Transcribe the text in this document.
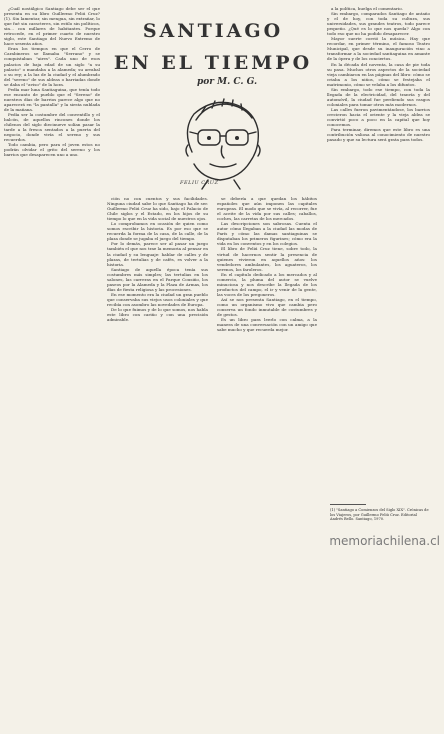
¿Cuál nostálgico Santiago debe ser el que presenta en su libro Guillermo Feliú Cruz? (1). Sin lamentar, sin mengua, sin extrañar, lo que fué sin caracteres, sin estilo sin políticos, sin... con millares de habitantes. Porque retrocede, en el primer cuarto de nuestro siglo, este Santiago del Nuevo Extremo de hace sesenta años.

Eran los tiempos en que el Cerro de Carabineros se llamaba "Serrano" y se conquistaban "aires". Cada uno de esos palacios de baja edad de un siglo "a su palacio" o mandaba a la alameda; su arrabal o su rey; a la luz de la ciudad y el alumbrado del "sereno" de sus aldeas o barriadas donde se daba el "aviso" de la hora.

Pedía mar luna Santiaguina, que tenía todo ese encanto de pueblo que el "Sereno" de nuestros días de barrios parece algo que no aparecerá en "la pantalla" y la siesta nublada de la mañana.

Pedía ser la costumbre del conventillo y el balcón, de aquellos rincones donde los chilenos del siglo diecinueve solían pasar la tarde a la fresca sentados a la puerta del negocio, donde vivía el sereno y sus recuerdos.

Todo cambia, pero para el joven estos no podrán olvidar el grito del sereno y los barrios que desaparecen uno a uno.

SANTIAGO
EN EL TIEMPO
por M. C. G.
FELIU CRUZ

ción no con cuentos y sus facilidades. Ninguna ciudad sabe lo que Santiago ha de ser. Guillermo Feliú Cruz ha sido, bajo el Palacio de Chile siglos y el Estado, en los hijos de su tiempo lo que en la vida social de nuestros ojos.

Lo comprobamos en ocasión de quien como somos escribir la historia. Es por eso que se recuerda la forma de la casa, de la calle, de la plaza donde se jugaba el juego del tiempo.

Por lo demás, parece ser al pasar un juego también el que nos trae la memoria al pensar en la ciudad y su lenguaje: hablar de calles y de plazas, de tertulias y de cafés, es volver a la historia.

Santiago de aquella época tenía sus costumbres más simples; las tertulias en los salones, las carreras en el Parque Cousiño, los paseos por la Alameda y la Plaza de Armas, los días de fiesta religiosa y las procesiones.

En ese momento era la ciudad un gran pueblo que conservaba sus viejos usos coloniales y que recibía con asombro las novedades de Europa.

De lo que fuimos y de lo que somos, nos habla este libro con cariño y con una precisión admirable.

se debería a que quedan los hábitos españoles que aún imponen las capitales europeas. El modo que se vivía, al recorrer, fue el aceite de la vida por sus calles; caballos, coches, las carretas de los mercados.

Las descripciones son sabrosas. Cuenta el autor cómo llegaban a la ciudad las modas de París y cómo las damas santiaguinas se disputaban los primeros figurines; cómo era la vida en los conventos y en los colegios.

El libro de Feliú Cruz tiene, sobre todo, la virtud de hacernos sentir la presencia de quienes vivieron en aquellos años: los vendedores ambulantes, los aguateros, los serenos, los faroleros.

En el capítulo dedicado a los mercados y al comercio, la pluma del autor se vuelve minuciosa y nos describe la llegada de los productos del campo, el ir y venir de la gente, las voces de los pregoneros.

Así se nos presenta Santiago, en el tiempo, como un organismo vivo que cambia pero conserva un fondo inmutable de costumbres y de gestos.

Es un libro para leerlo con calma, a la manera de una conversación con un amigo que sabe mucho y que recuerda mejor.

a la política, huelga el comentario.

Sin embargo, comparados Santiago de antaño y el de hoy, con toda su cultura, sus universidades, sus grandes teatros, todo parece pequeño. ¿Qué es lo que nos queda? Algo con todo eso que no ha podido desaparecer.

Mayor suerte corrió la música. Hay que recordar, en primer término, el famoso Teatro Municipal, que desde su inauguración vino a transformar a la sociedad santiaguina en amante de la ópera y de los conciertos.

En la década del noventa, la casa de pie toda su pasa. Muchos otros aspectos de la sociedad vieja cambiaron en las páginas del libro: cómo se criaba a los niños, cómo se festejaba el matrimonio, cómo se velaba a los difuntos.

Sin embargo, todo ese tiempo, con toda la llegada de la electricidad, del tranvía y del automóvil, la ciudad fue perdiendo sus rasgos coloniales para tomar otros más modernos.

Las calles fueron pavimentándose, los barrios crecieron hacia el oriente y la vieja aldea se convirtió poco a poco en la capital que hoy conocemos.

Para terminar, diremos que este libro es una contribución valiosa al conocimiento de nuestro pasado y que su lectura será grata para todos.

(1) "Santiago a Comienzos del Siglo XIX". Crónicas de los Viajeros, por Guillermo Feliú Cruz. Editorial Andrés Bello. Santiago, 1970.
memoriachilena.cl
